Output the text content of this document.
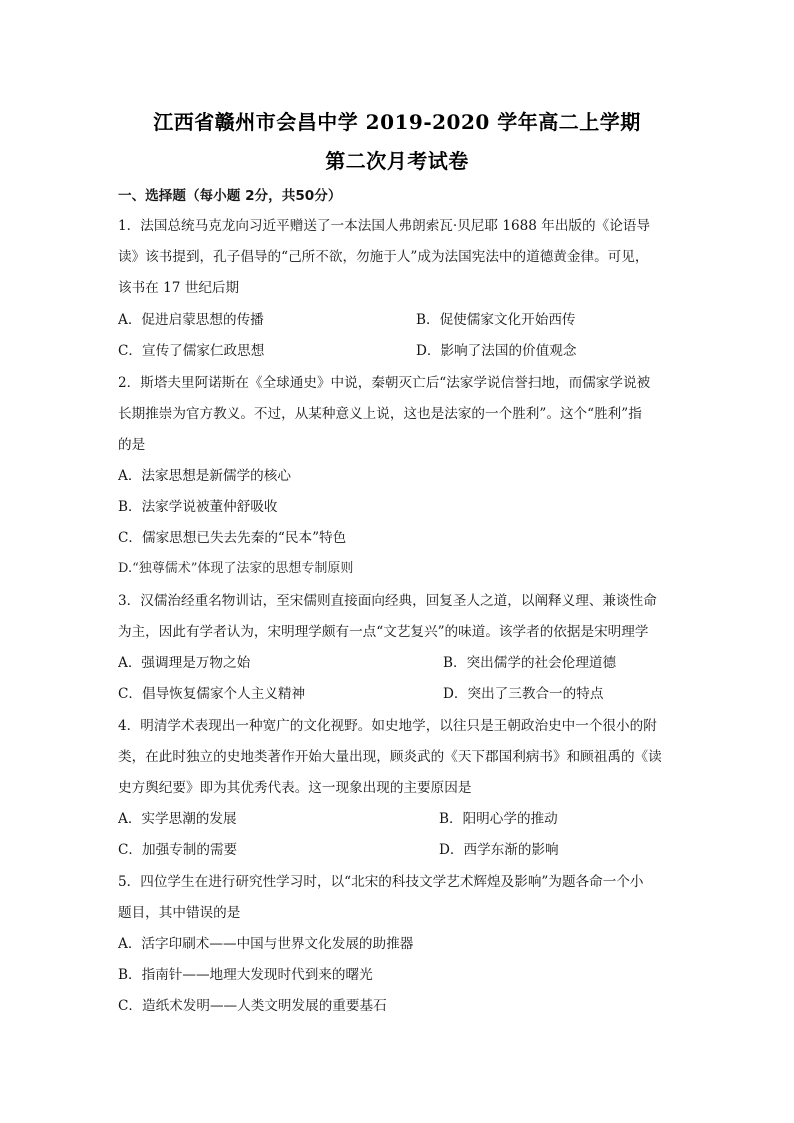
江西省赣州市会昌中学 2019-2020 学年高二上学期
第二次月考试卷
一、选择题（每小题 2分，共50分）
1．法国总统马克龙向习近平赠送了一本法国人弗朗索瓦·贝尼耶 1688 年出版的《论语导
读》该书提到，孔子倡导的“己所不欲，勿施于人”成为法国宪法中的道德黄金律。可见，
该书在 17 世纪后期
A．促进启蒙思想的传播	B．促使儒家文化开始西传
C．宣传了儒家仁政思想	D．影响了法国的价值观念
2．斯塔夫里阿诺斯在《全球通史》中说，秦朝灭亡后“法家学说信誉扫地，而儒家学说被
长期推崇为官方教义。不过，从某种意义上说，这也是法家的一个胜利”。这个“胜利”指
的是
A．法家思想是新儒学的核心
B．法家学说被董仲舒吸收
C．儒家思想已失去先秦的“民本”特色
D.“独尊儒术”体现了法家的思想专制原则
3．汉儒治经重名物训诂，至宋儒则直接面向经典，回复圣人之道，以阐释义理、兼谈性命
为主，因此有学者认为，宋明理学颇有一点“文艺复兴”的味道。该学者的依据是宋明理学
A．强调理是万物之始	B．突出儒学的社会伦理道德
C．倡导恢复儒家个人主义精神	D．突出了三教合一的特点
4．明清学术表现出一种宽广的文化视野。如史地学，以往只是王朝政治史中一个很小的附
类，在此时独立的史地类著作开始大量出现，顾炎武的《天下郡国利病书》和顾祖禹的《读
史方舆纪要》即为其优秀代表。这一现象出现的主要原因是
A．实学思潮的发展	B．阳明心学的推动
C．加强专制的需要	D．西学东渐的影响
5．四位学生在进行研究性学习时，以“北宋的科技文学艺术辉煌及影响”为题各命一个小
题目，其中错误的是
A．活字印刷术——中国与世界文化发展的助推器
B．指南针——地理大发现时代到来的曙光
C．造纸术发明——人类文明发展的重要基石
